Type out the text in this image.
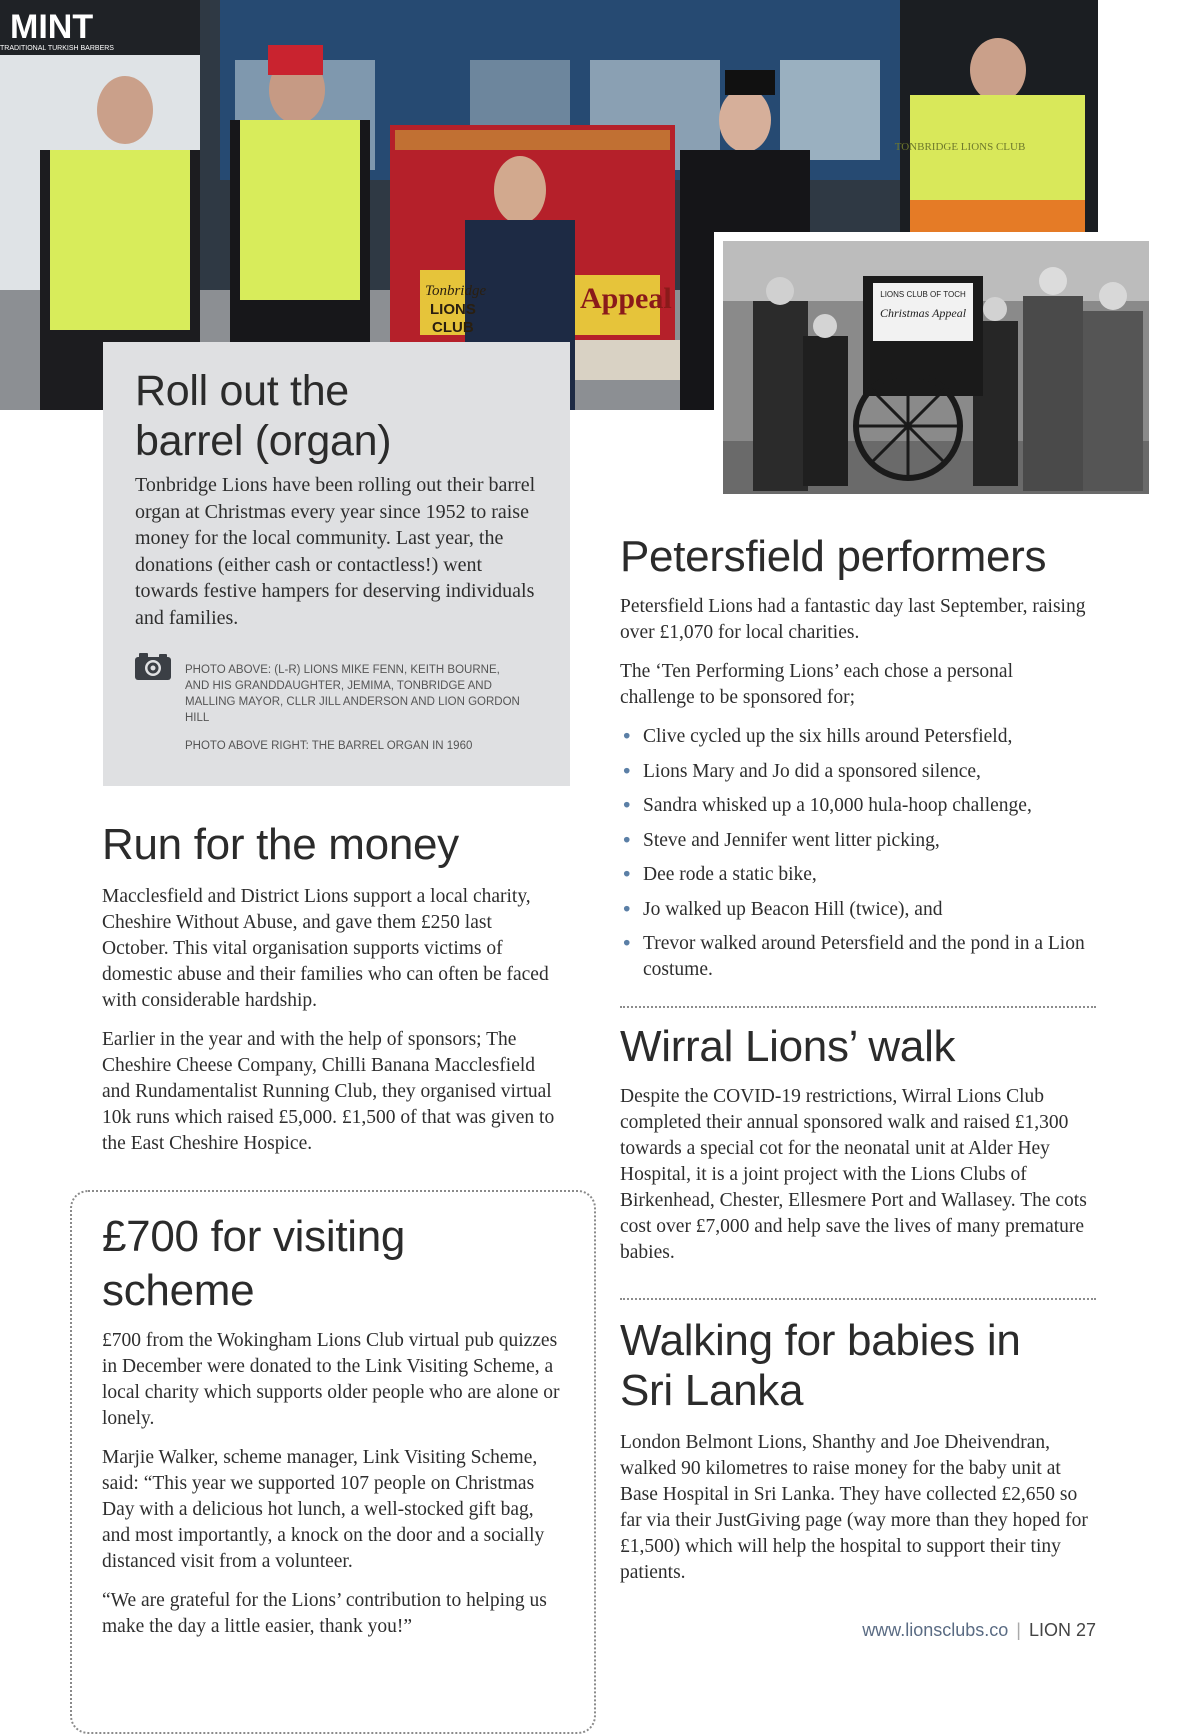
MINT
TRADITIONAL TURKISH BARBERS
Tonbridge
LIONS
CLUB
Appeal
TONBRIDGE LIONS CLUB
LIONS CLUB OF TOCH
Christmas Appeal
Roll out the
barrel (organ)

Tonbridge Lions have been rolling out their barrel organ at Christmas every year since 1952 to raise money for the local community. Last year, the donations (either cash or contactless!) went towards festive hampers for deserving individuals and families.

PHOTO ABOVE: (L-R) LIONS MIKE FENN, KEITH BOURNE, AND HIS GRANDDAUGHTER, JEMIMA, TONBRIDGE AND MALLING MAYOR, CLLR JILL ANDERSON AND LION GORDON HILL
PHOTO ABOVE RIGHT: THE BARREL ORGAN IN 1960
Run for the money

Macclesfield and District Lions support a local charity, Cheshire Without Abuse, and gave them £250 last October. This vital organisation supports victims of domestic abuse and their families who can often be faced with considerable hardship.

Earlier in the year and with the help of sponsors; The Cheshire Cheese Company, Chilli Banana Macclesfield and Rundamentalist Running Club, they organised virtual 10k runs which raised £5,000. £1,500 of that was given to the East Cheshire Hospice.

£700 for visiting scheme

£700 from the Wokingham Lions Club virtual pub quizzes in December were donated to the Link Visiting Scheme, a local charity which supports older people who are alone or lonely.

Marjie Walker, scheme manager, Link Visiting Scheme, said: “This year we supported 107 people on Christmas Day with a delicious hot lunch, a well-stocked gift bag, and most importantly, a knock on the door and a socially distanced visit from a volunteer.

“We are grateful for the Lions’ contribution to helping us make the day a little easier, thank you!”

Petersfield performers

Petersfield Lions had a fantastic day last September, raising over £1,070 for local charities.

The ‘Ten Performing Lions’ each chose a personal challenge to be sponsored for;

• Clive cycled up the six hills around Petersfield,
• Lions Mary and Jo did a sponsored silence,
• Sandra whisked up a 10,000 hula-hoop challenge,
• Steve and Jennifer went litter picking,
• Dee rode a static bike,
• Jo walked up Beacon Hill (twice), and
• Trevor walked around Petersfield and the pond in a Lion costume.
Wirral Lions’ walk

Despite the COVID-19 restrictions, Wirral Lions Club completed their annual sponsored walk and raised £1,300 towards a special cot for the neonatal unit at Alder Hey Hospital, it is a joint project with the Lions Clubs of Birkenhead, Chester, Ellesmere Port and Wallasey. The cots cost over £7,000 and help save the lives of many premature babies.

Walking for babies in
Sri Lanka

London Belmont Lions, Shanthy and Joe Dheivendran, walked 90 kilometres to raise money for the baby unit at Base Hospital in Sri Lanka. They have collected £2,650 so far via their JustGiving page (way more than they hoped for £1,500) which will help the hospital to support their tiny patients.

www.lionsclubs.co | LION 27
